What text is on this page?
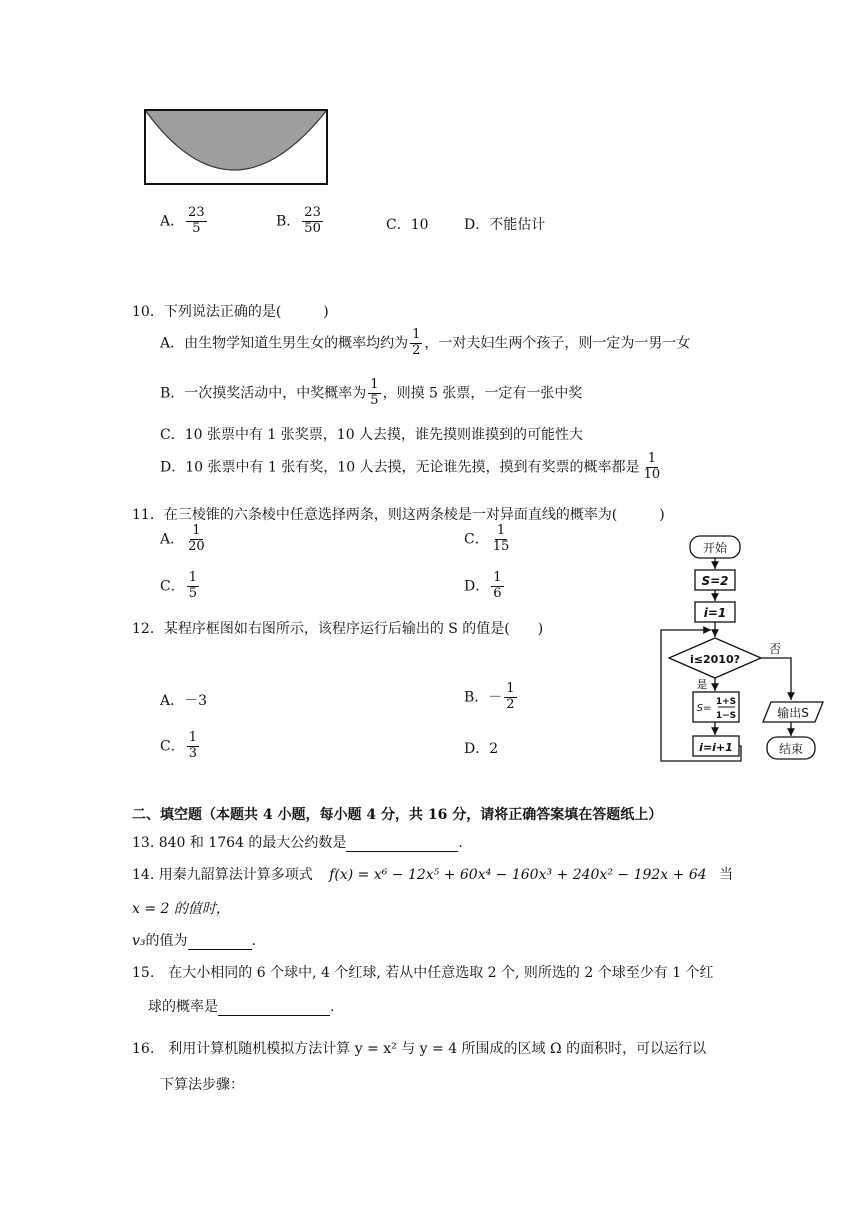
A． $\frac{23}{5}$	B． $\frac{23}{50}$	C．10	D．不能估计
10．下列说法正确的是(　　　)
A．由生物学知道生男生女的概率均约为 $\frac{1}{2}$ ，一对夫妇生两个孩子，则一定为一男一女
B．一次摸奖活动中，中奖概率为 $\frac{1}{5}$ ，则摸 5 张票，一定有一张中奖
C．10 张票中有 1 张奖票，10 人去摸，谁先摸则谁摸到的可能性大
D．10 张票中有 1 张有奖，10 人去摸，无论谁先摸，摸到有奖票的概率都是 $\frac{1}{10}$
11．在三棱锥的六条棱中任意选择两条，则这两条棱是一对异面直线的概率为(　　　)
A． $\frac{1}{20}$	C． $\frac{1}{15}$
C． $\frac{1}{5}$	D． $\frac{1}{6}$
12．某程序框图如右图所示，该程序运行后输出的 S 的值是(　　)
A．－3	B．－ $\frac{1}{2}$
C． $\frac{1}{3}$	D．2
开始
S=2
i=1
i≤2010?
否
是
S=
1+S
1−S
i=i+1
输出S
结束
二、填空题（本题共 4 小题，每小题 4 分，共 16 分，请将正确答案填在答题纸上）
13. 840 和 1764 的最大公约数是	.
14. 用秦九韶算法计算多项式 f(x) = x⁶ − 12x⁵ + 60x⁴ − 160x³ + 240x² − 192x + 64 当
x = 2 的值时，
v₃的值为	.
15.　在大小相同的 6 个球中, 4 个红球, 若从中任意选取 2 个, 则所选的 2 个球至少有 1 个红
球的概率是	.
16.　利用计算机随机模拟方法计算 y = x² 与 y = 4 所围成的区域 Ω 的面积时，可以运行以
下算法步骤：
